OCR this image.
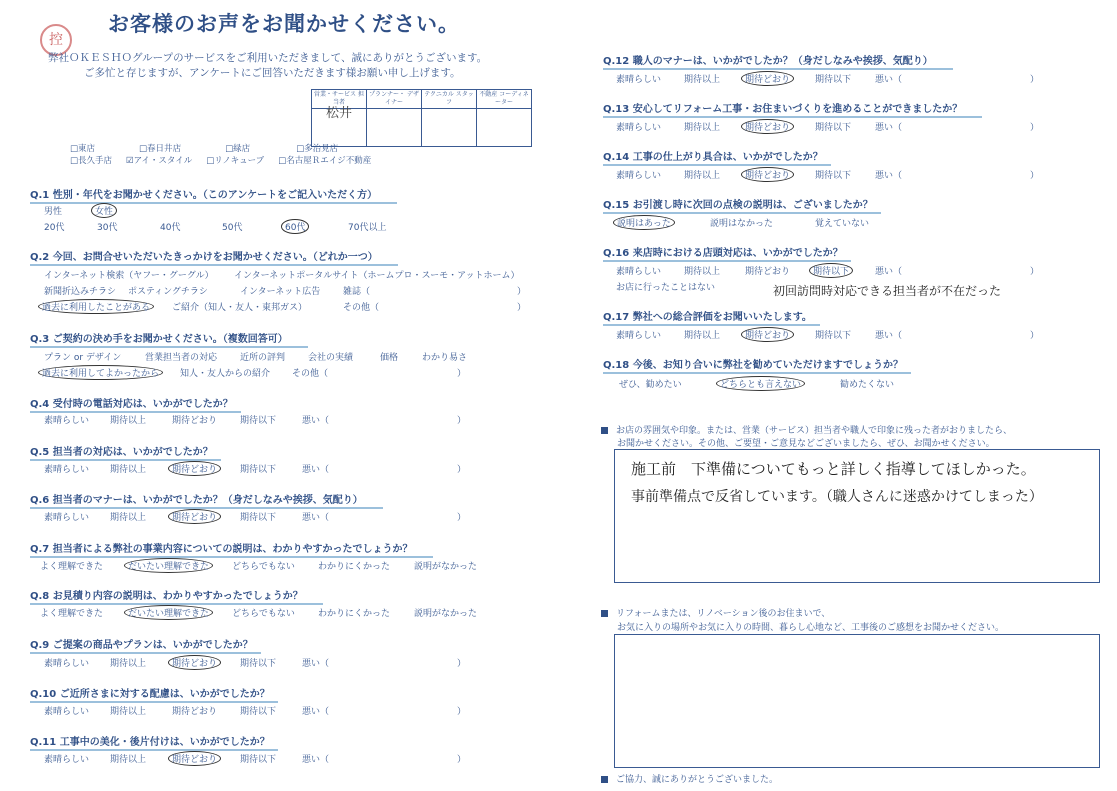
控
お客様のお声をお聞かせください。
弊社ＯＫＥＳＨＯグループのサービスをご利用いただきまして、誠にありがとうございます。
ご多忙と存じますが、アンケートにご回答いただきます様お願い申し上げます。
営業・サービス 担当者	プランナー・ デザイナー	テクニカル スタッフ	不動産 コーディネーター
松井			
□東店	□春日井店	□緑店	□多治見店
□長久手店 ☑アイ・スタイル □リノキューブ □名古屋Ｒエイジ不動産
Q.1 性別・年代をお聞かせください。（このアンケートをご記入いただく方）
男性	女性
20代	30代	40代	50代	60代	70代以上
Q.2 今回、お問合せいただいたきっかけをお聞かせください。（どれか一つ）
インターネット検索（ヤフー・グーグル） インターネットポータルサイト（ホームプロ・スーモ・アットホーム）
新聞折込みチラシ ポスティングチラシ	インターネット広告	雑誌（	）
過去に利用したことがある	ご紹介（知人・友人・東邦ガス）	その他（	）
Q.3 ご契約の決め手をお聞かせください。（複数回答可）
プラン or デザイン	営業担当者の対応	近所の評判	会社の実績	価格	わかり易さ
過去に利用してよかったから	知人・友人からの紹介 その他（	）
Q.4 受付時の電話対応は、いかがでしたか？
素晴らしい 期待以上	期待どおり	期待以下	悪い（	）
Q.5 担当者の対応は、いかがでしたか？
素晴らしい 期待以上	期待どおり	期待以下	悪い（	）
Q.6 担当者のマナーは、いかがでしたか？（身だしなみや挨拶、気配り）
素晴らしい 期待以上	期待どおり	期待以下	悪い（	）
Q.7 担当者による弊社の事業内容についての説明は、わかりやすかったでしょうか？
よく理解できた	だいたい理解できた	どちらでもない	わかりにくかった	説明がなかった
Q.8 お見積り内容の説明は、わかりやすかったでしょうか？
よく理解できた	だいたい理解できた	どちらでもない	わかりにくかった	説明がなかった
Q.9 ご提案の商品やプランは、いかがでしたか？
素晴らしい 期待以上	期待どおり	期待以下	悪い（	）
Q.10 ご近所さまに対する配慮は、いかがでしたか？
素晴らしい 期待以上	期待どおり	期待以下	悪い（	）
Q.11 工事中の美化・後片付けは、いかがでしたか？
素晴らしい 期待以上	期待どおり	期待以下	悪い（	）
Q.12 職人のマナーは、いかがでしたか？（身だしなみや挨拶、気配り）
素晴らしい	期待以上	期待どおり	期待以下	悪い（	）
Q.13 安心してリフォーム工事・お住まいづくりを進めることができましたか？
素晴らしい	期待以上	期待どおり	期待以下	悪い（	）
Q.14 工事の仕上がり具合は、いかがでしたか？
素晴らしい	期待以上	期待どおり	期待以下	悪い（	）
Q.15 お引渡し時に次回の点検の説明は、ございましたか？
説明はあった	説明はなかった	覚えていない
Q.16 来店時における店頭対応は、いかがでしたか？
素晴らしい	期待以上	期待どおり	期待以下	悪い（	）
お店に行ったことはない	初回訪問時対応できる担当者が不在だった
Q.17 弊社への総合評価をお聞いいたします。
素晴らしい	期待以上	期待どおり	期待以下	悪い（	）
Q.18 今後、お知り合いに弊社を勧めていただけますでしょうか？
ぜひ、勧めたい	どちらとも言えない	勧めたくない
お店の雰囲気や印象。または、営業（サービス）担当者や職人で印象に残った者がおりましたら、
お聞かせください。その他、ご要望・ご意見などございましたら、ぜひ、お聞かせください。
施工前　下準備についてもっと詳しく指導してほしかった。
事前準備点で反省しています。（職人さんに迷惑かけてしまった）
リフォームまたは、リノベーション後のお住まいで、
お気に入りの場所やお気に入りの時間、暮らし心地など、工事後のご感想をお聞かせください。
ご協力、誠にありがとうございました。
